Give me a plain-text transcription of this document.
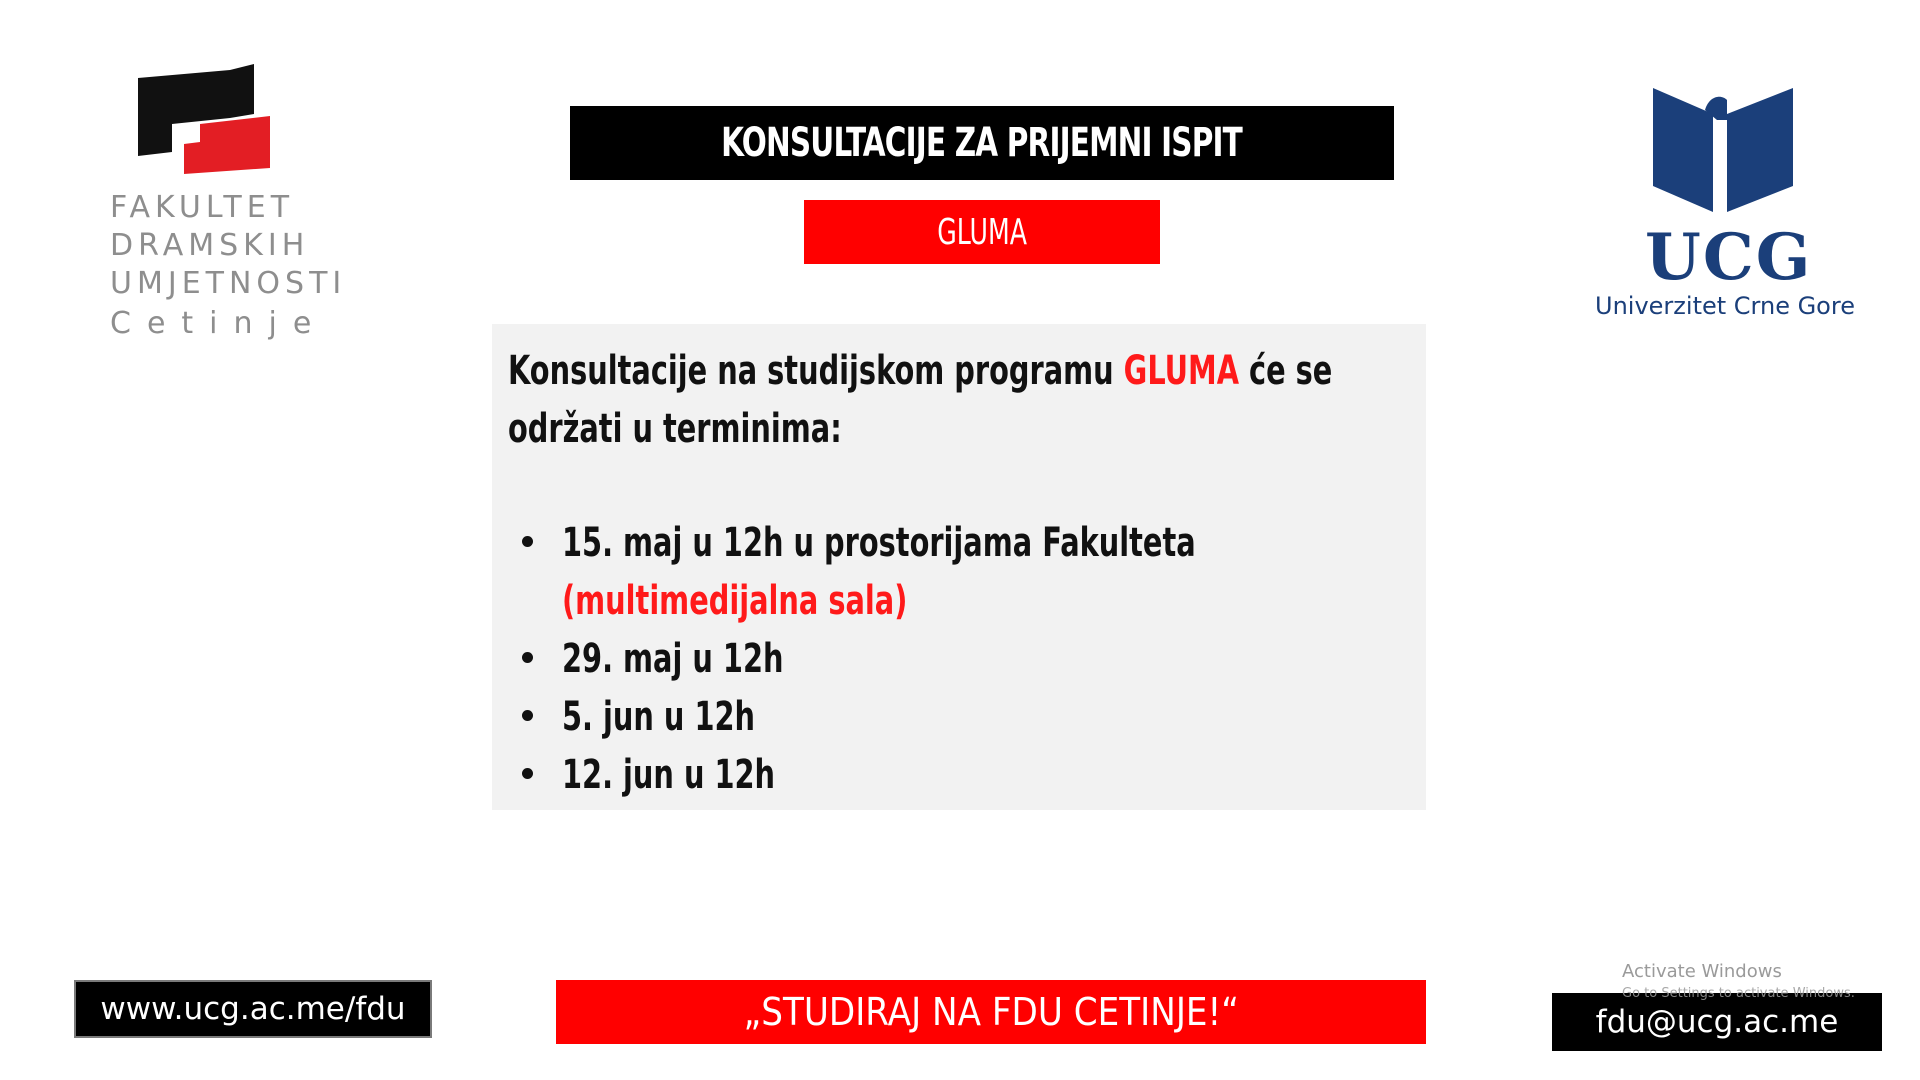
FAKULTET
DRAMSKIH
UMJETNOSTI
Cetinje
UCG
Univerzitet Crne Gore
KONSULTACIJE ZA PRIJEMNI ISPIT
GLUMA
Konsultacije na studijskom programu GLUMA će se
održati u terminima:
15. maj u 12h u prostorijama Fakulteta
(multimedijalna sala)
29. maj u 12h
5. jun u 12h
12. jun u 12h
www.ucg.ac.me/fdu	„STUDIRAJ NA FDU CETINJE!“	fdu@ucg.ac.me
Activate Windows
Go to Settings to activate Windows.
